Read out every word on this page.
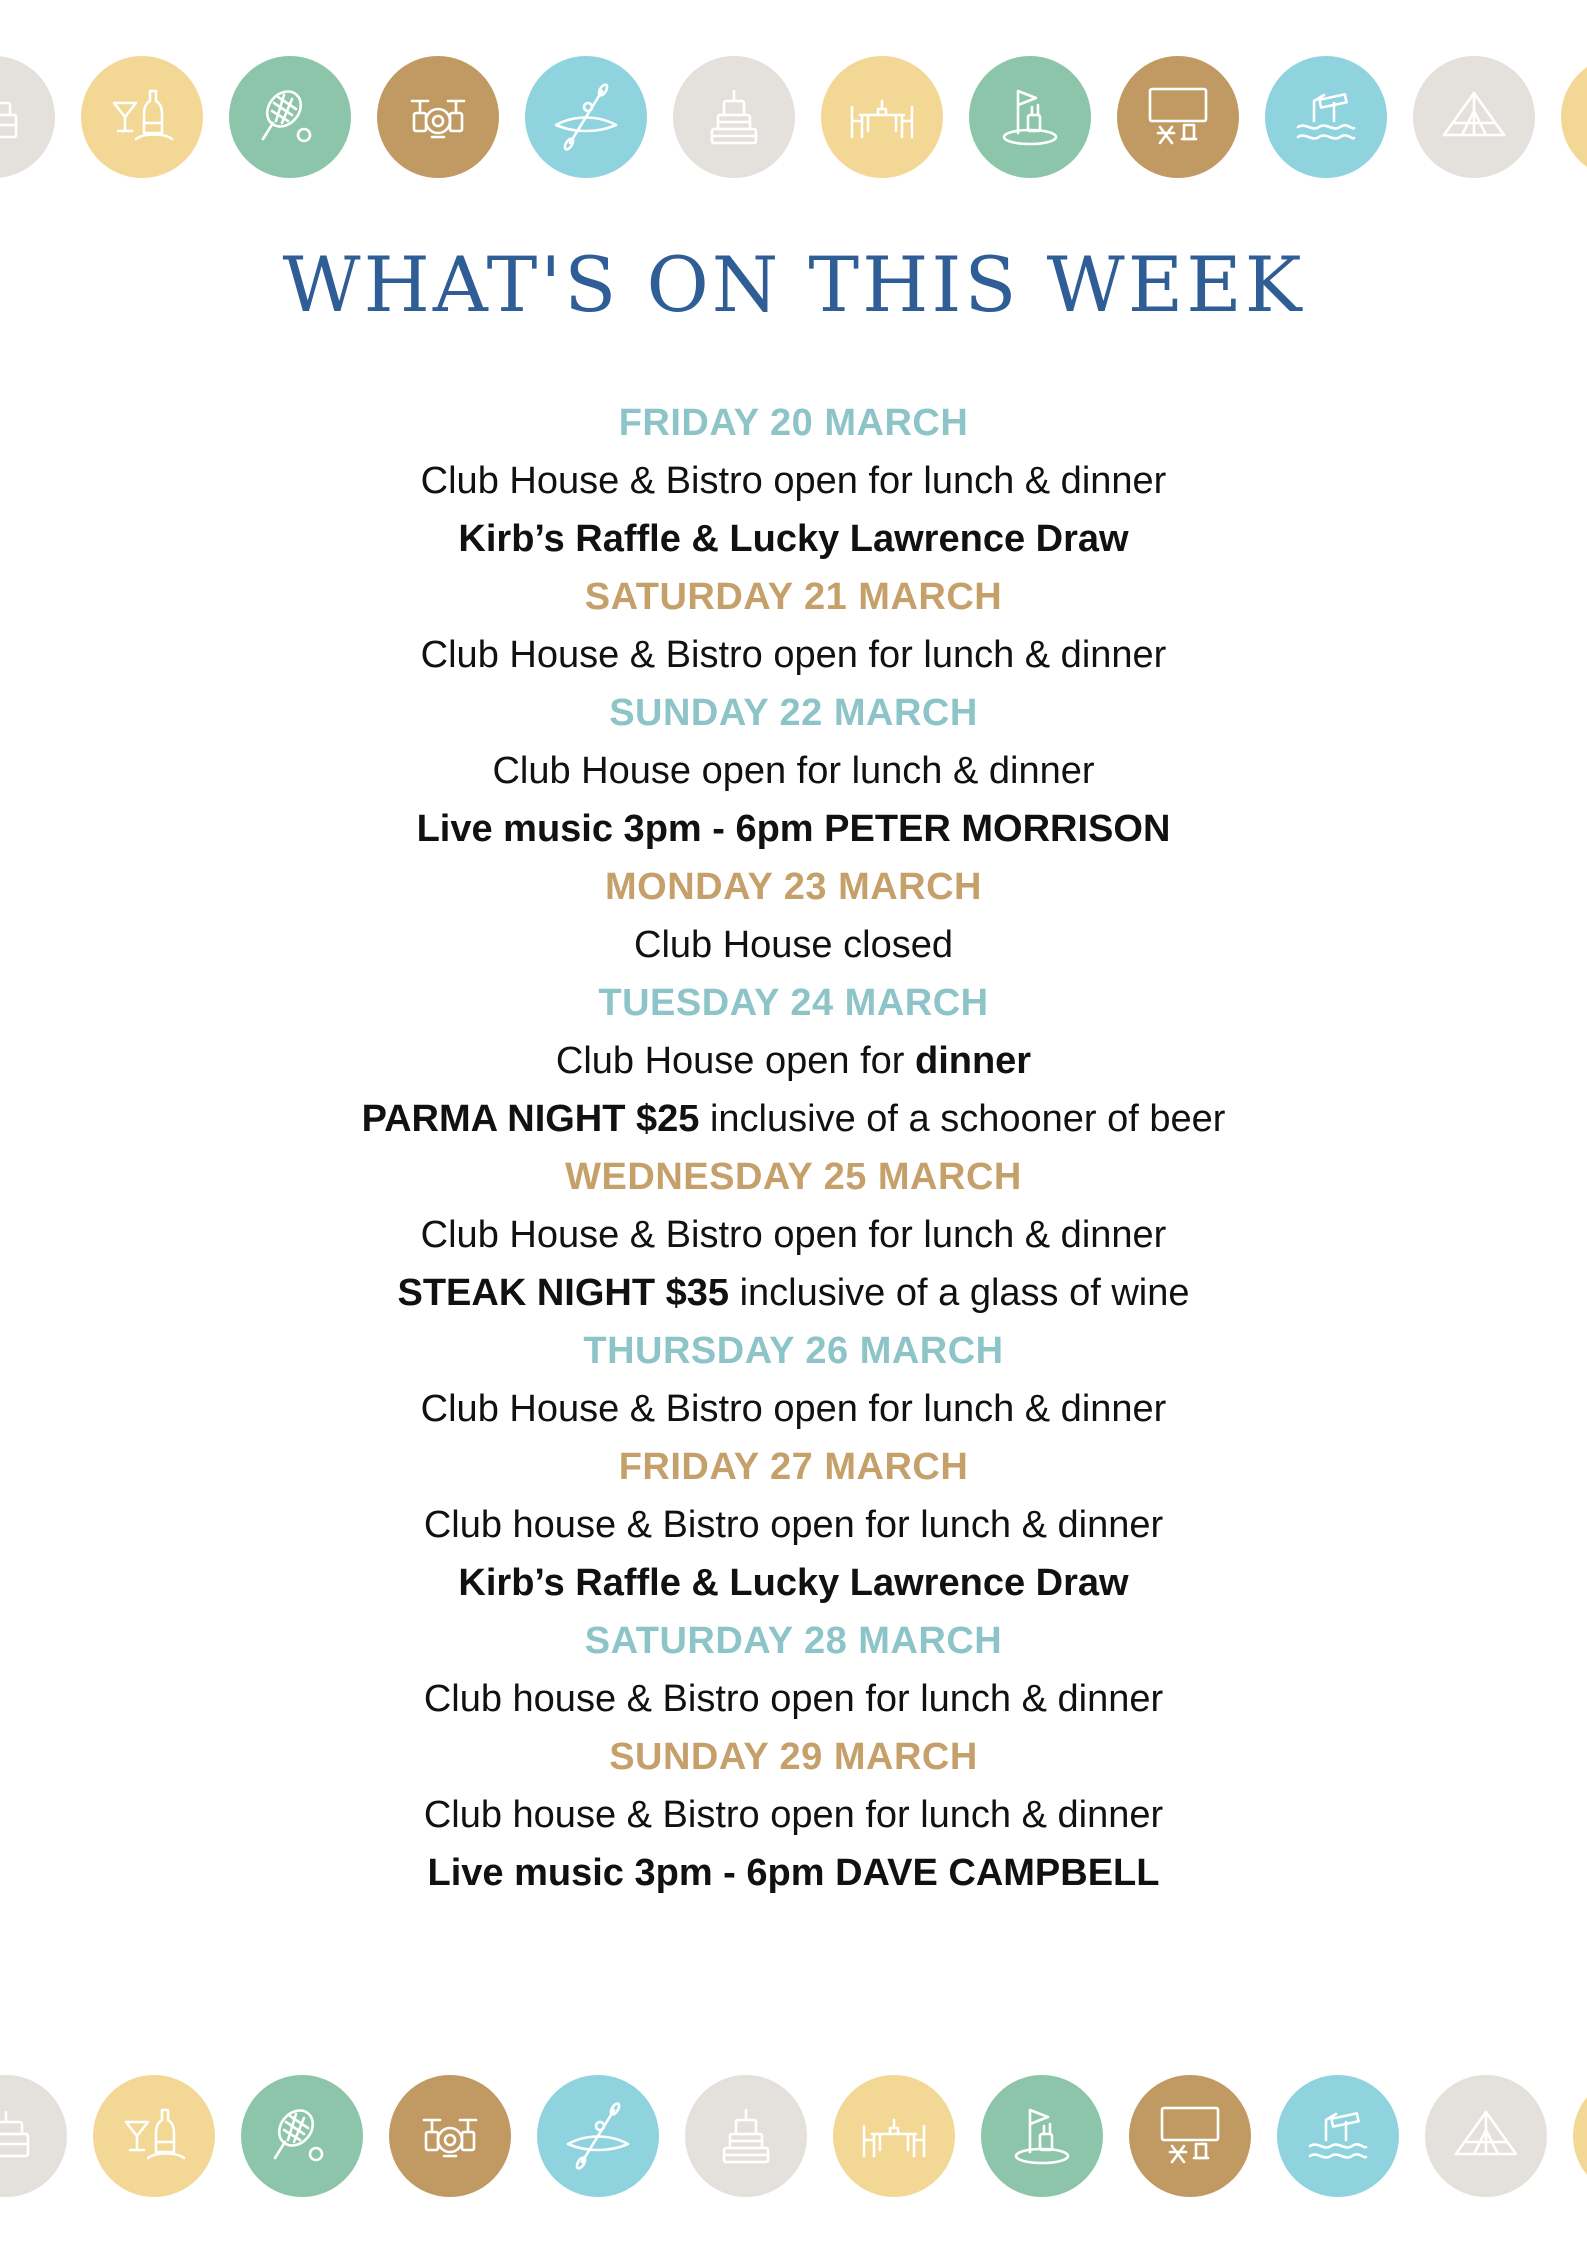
WHAT'S ON THIS WEEK
FRIDAY 20 MARCH
Club House & Bistro open for lunch & dinner
Kirb’s Raffle & Lucky Lawrence Draw
SATURDAY 21 MARCH
Club House & Bistro open for lunch & dinner
SUNDAY 22 MARCH
Club House open for lunch & dinner
Live music 3pm - 6pm PETER MORRISON
MONDAY 23 MARCH
Club House closed
TUESDAY 24 MARCH
Club House open for dinner
PARMA NIGHT $25 inclusive of a schooner of beer
WEDNESDAY 25 MARCH
Club House & Bistro open for lunch & dinner
STEAK NIGHT $35 inclusive of a glass of wine
THURSDAY 26 MARCH
Club House & Bistro open for lunch & dinner
FRIDAY 27 MARCH
Club house & Bistro open for lunch & dinner
Kirb’s Raffle & Lucky Lawrence Draw
SATURDAY 28 MARCH
Club house & Bistro open for lunch & dinner
SUNDAY 29 MARCH
Club house & Bistro open for lunch & dinner
Live music 3pm - 6pm DAVE CAMPBELL
